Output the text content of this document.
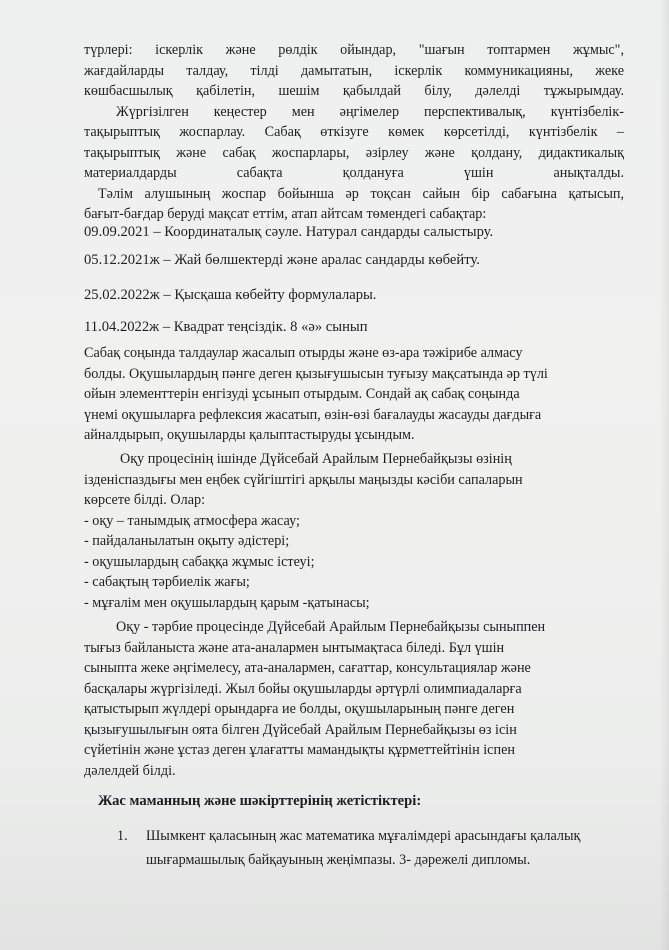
түрлері: іскерлік және рөлдік ойындар, "шағын топтармен жұмыс",
жағдайларды талдау, тілді дамытатын, іскерлік коммуникацияны, жеке
көшбасшылық қабілетін, шешім қабылдай білу, дәлелді тұжырымдау.
Жүргізілген кеңестер мен әңгімелер перспективалық, күнтізбелік-
тақырыптық жоспарлау. Сабақ өткізуге көмек көрсетілді, күнтізбелік –
тақырыптық және сабақ жоспарлары, әзірлеу және қолдану, дидактикалық
материалдарды сабақта қолдануға үшін анықталды.
Тәлім алушының жоспар бойынша әр тоқсан сайын бір сабағына қатысып,
бағыт-бағдар беруді мақсат еттім, атап айтсам төмендегі сабақтар:

09.09.2021 – Координаталық сәуле. Натурал сандарды салыстыру.

05.12.2021ж – Жай бөлшектерді және аралас сандарды көбейту.

25.02.2022ж – Қысқаша көбейту формулалары.

11.04.2022ж – Квадрат теңсіздік. 8 «ә» сынып

Сабақ соңында талдаулар жасалып отырды және өз-ара тәжірибе алмасу
болды. Оқушылардың пәнге деген қызығушысын туғызу мақсатында әр түлі
ойын элементтерін енгізуді ұсынып отырдым. Сондай ақ сабақ соңында
үнемі оқушыларға рефлексия жасатып, өзін-өзі бағалауды жасауды дағдыға
айналдырып, оқушыларды қалыптастыруды ұсындым.
Оқу процесінің ішінде Дүйсебай Арайлым Пернебайқызы өзінің
ізденіспаздығы мен еңбек сүйгіштігі арқылы маңызды кәсіби сапаларын
көрсете білді. Олар:
- оқу – танымдық атмосфера жасау;
- пайдаланылатын оқыту әдістері;
- оқушылардың сабаққа жұмыс істеуі;
- сабақтың тәрбиелік жағы;
- мұғалім мен оқушылардың қарым -қатынасы;
Оқу - тәрбие процесінде Дүйсебай Арайлым Пернебайқызы сыныппен
тығыз байланыста және ата-аналармен ынтымақтаса біледі. Бұл үшін
сыныпта жеке әңгімелесу, ата-аналармен, сағаттар, консультациялар және
басқалары жүргізіледі. Жыл бойы оқушыларды әртүрлі олимпиадаларға
қатыстырып жүлдері орындарға ие болды, оқушыларының пәнге деген
қызығушылығын оята білген Дүйсебай Арайлым Пернебайқызы өз ісін
сүйетінін және ұстаз деген ұлағатты мамандықты құрметтейтінін іспен
дәлелдей білді.

Жас маманның және шәкірттерінің жетістіктері:

1. Шымкент қаласының жас математика мұғалімдері арасындағы қалалық
шығармашылық байқауының жеңімпазы. 3- дәрежелі дипломы.
